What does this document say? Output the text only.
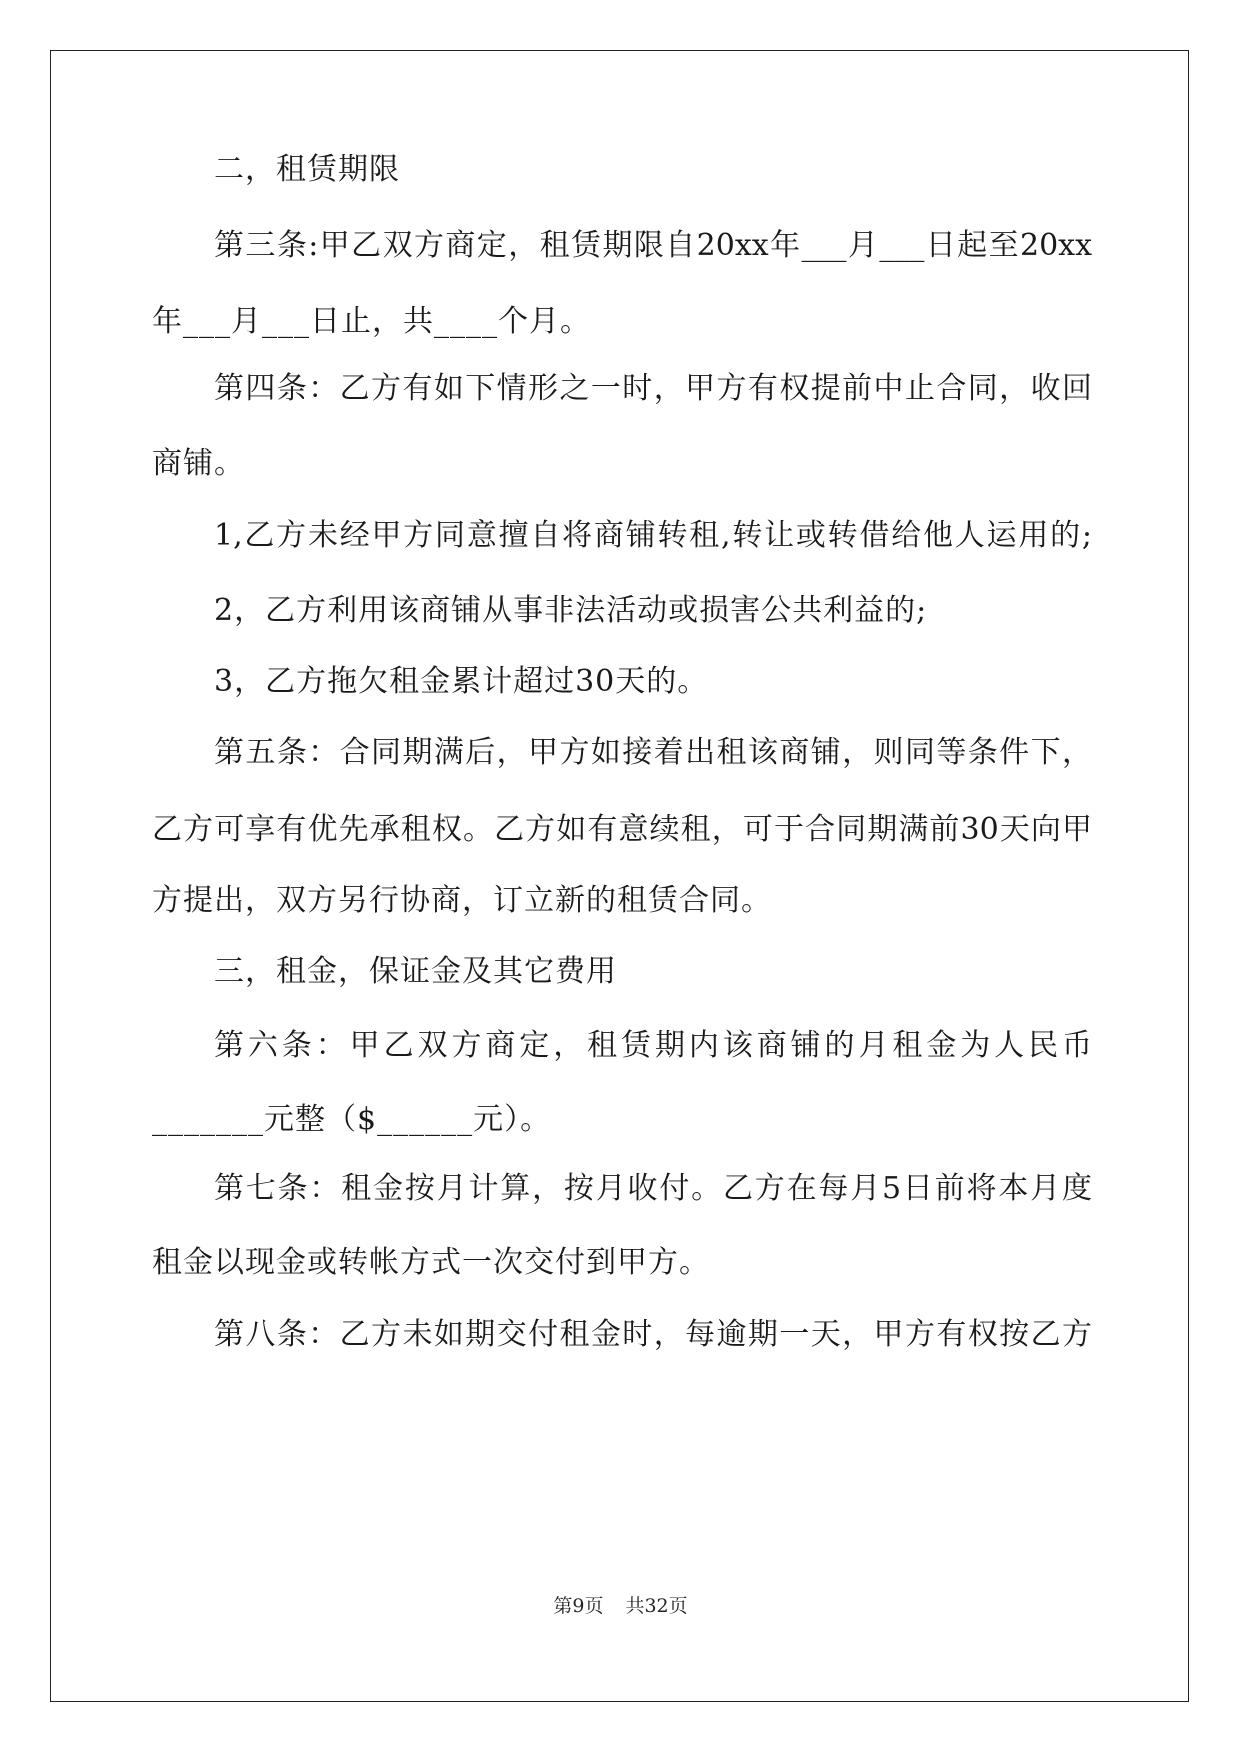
二，租赁期限
第三条:甲乙双方商定，租赁期限自20xx年___月___日起至20xx
年___月___日止，共____个月。
第四条：乙方有如下情形之一时，甲方有权提前中止合同，收回
商铺。
1,乙方未经甲方同意擅自将商铺转租,转让或转借给他人运用的;
2，乙方利用该商铺从事非法活动或损害公共利益的;
3，乙方拖欠租金累计超过30天的。
第五条：合同期满后，甲方如接着出租该商铺，则同等条件下，
乙方可享有优先承租权。乙方如有意续租，可于合同期满前30天向甲
方提出，双方另行协商，订立新的租赁合同。
三，租金，保证金及其它费用
第六条：甲乙双方商定，租赁期内该商铺的月租金为人民币
_______元整（$______元）。
第七条：租金按月计算，按月收付。乙方在每月5日前将本月度
租金以现金或转帐方式一次交付到甲方。
第八条：乙方未如期交付租金时，每逾期一天，甲方有权按乙方
第9页 共32页
